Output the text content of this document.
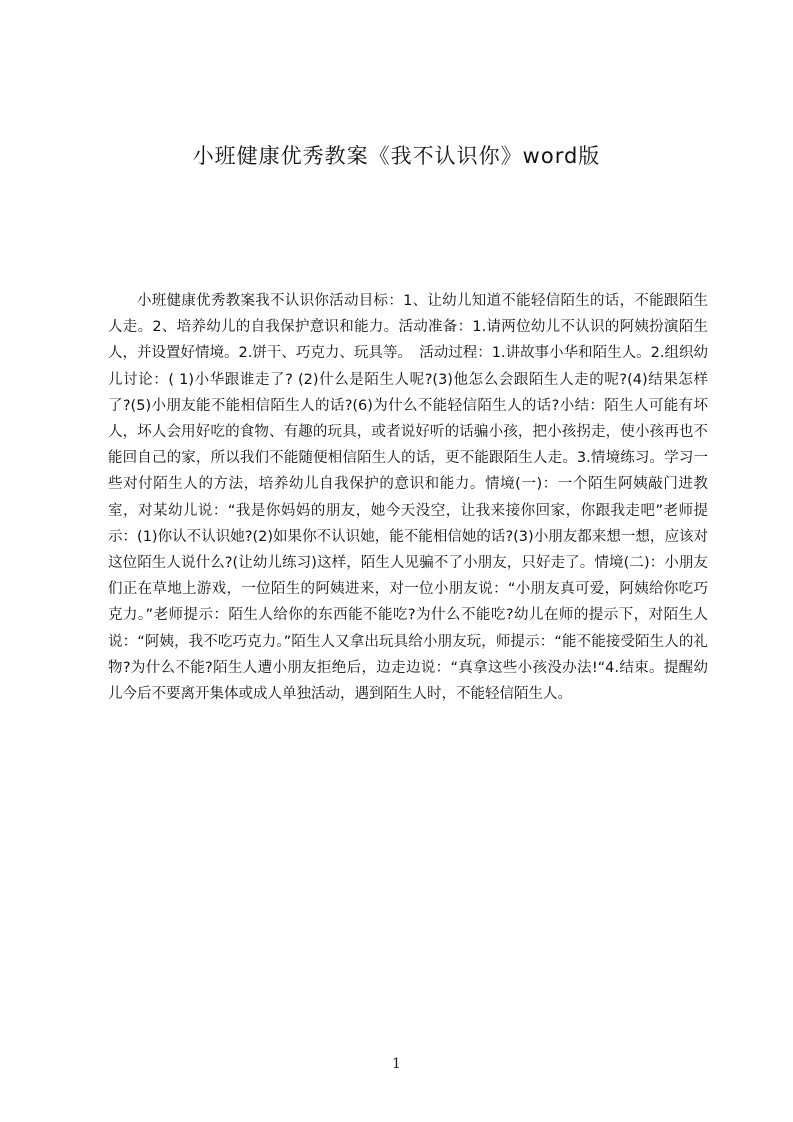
小班健康优秀教案《我不认识你》word版

小班健康优秀教案我不认识你活动目标：1、让幼儿知道不能轻信陌生的话，不能跟陌生人走。2、培养幼儿的自我保护意识和能力。活动准备：1.请两位幼儿不认识的阿姨扮演陌生人，并设置好情境。2.饼干、巧克力、玩具等。　活动过程：1.讲故事小华和陌生人。2.组织幼儿讨论：( 1)小华跟谁走了? (2)什么是陌生人呢?(3)他怎么会跟陌生人走的呢?(4)结果怎样了?(5)小朋友能不能相信陌生人的话?(6)为什么不能轻信陌生人的话?小结：陌生人可能有坏人，坏人会用好吃的食物、有趣的玩具，或者说好听的话骗小孩，把小孩拐走，使小孩再也不能回自己的家，所以我们不能随便相信陌生人的话，更不能跟陌生人走。3.情境练习。学习一些对付陌生人的方法，培养幼儿自我保护的意识和能力。情境(一)：一个陌生阿姨敲门进教室，对某幼儿说：“我是你妈妈的朋友，她今天没空，让我来接你回家，你跟我走吧”老师提示：(1)你认不认识她?(2)如果你不认识她，能不能相信她的话?(3)小朋友都来想一想，应该对这位陌生人说什么?(让幼儿练习)这样，陌生人见骗不了小朋友，只好走了。情境(二)：小朋友们正在草地上游戏，一位陌生的阿姨进来，对一位小朋友说：“小朋友真可爱，阿姨给你吃巧克力。”老师提示：陌生人给你的东西能不能吃?为什么不能吃?幼儿在师的提示下，对陌生人说：“阿姨，我不吃巧克力。”陌生人又拿出玩具给小朋友玩，师提示：“能不能接受陌生人的礼物?为什么不能?陌生人遭小朋友拒绝后，边走边说：“真拿这些小孩没办法!“4.结束。提醒幼儿今后不要离开集体或成人单独活动，遇到陌生人时，不能轻信陌生人。

1
